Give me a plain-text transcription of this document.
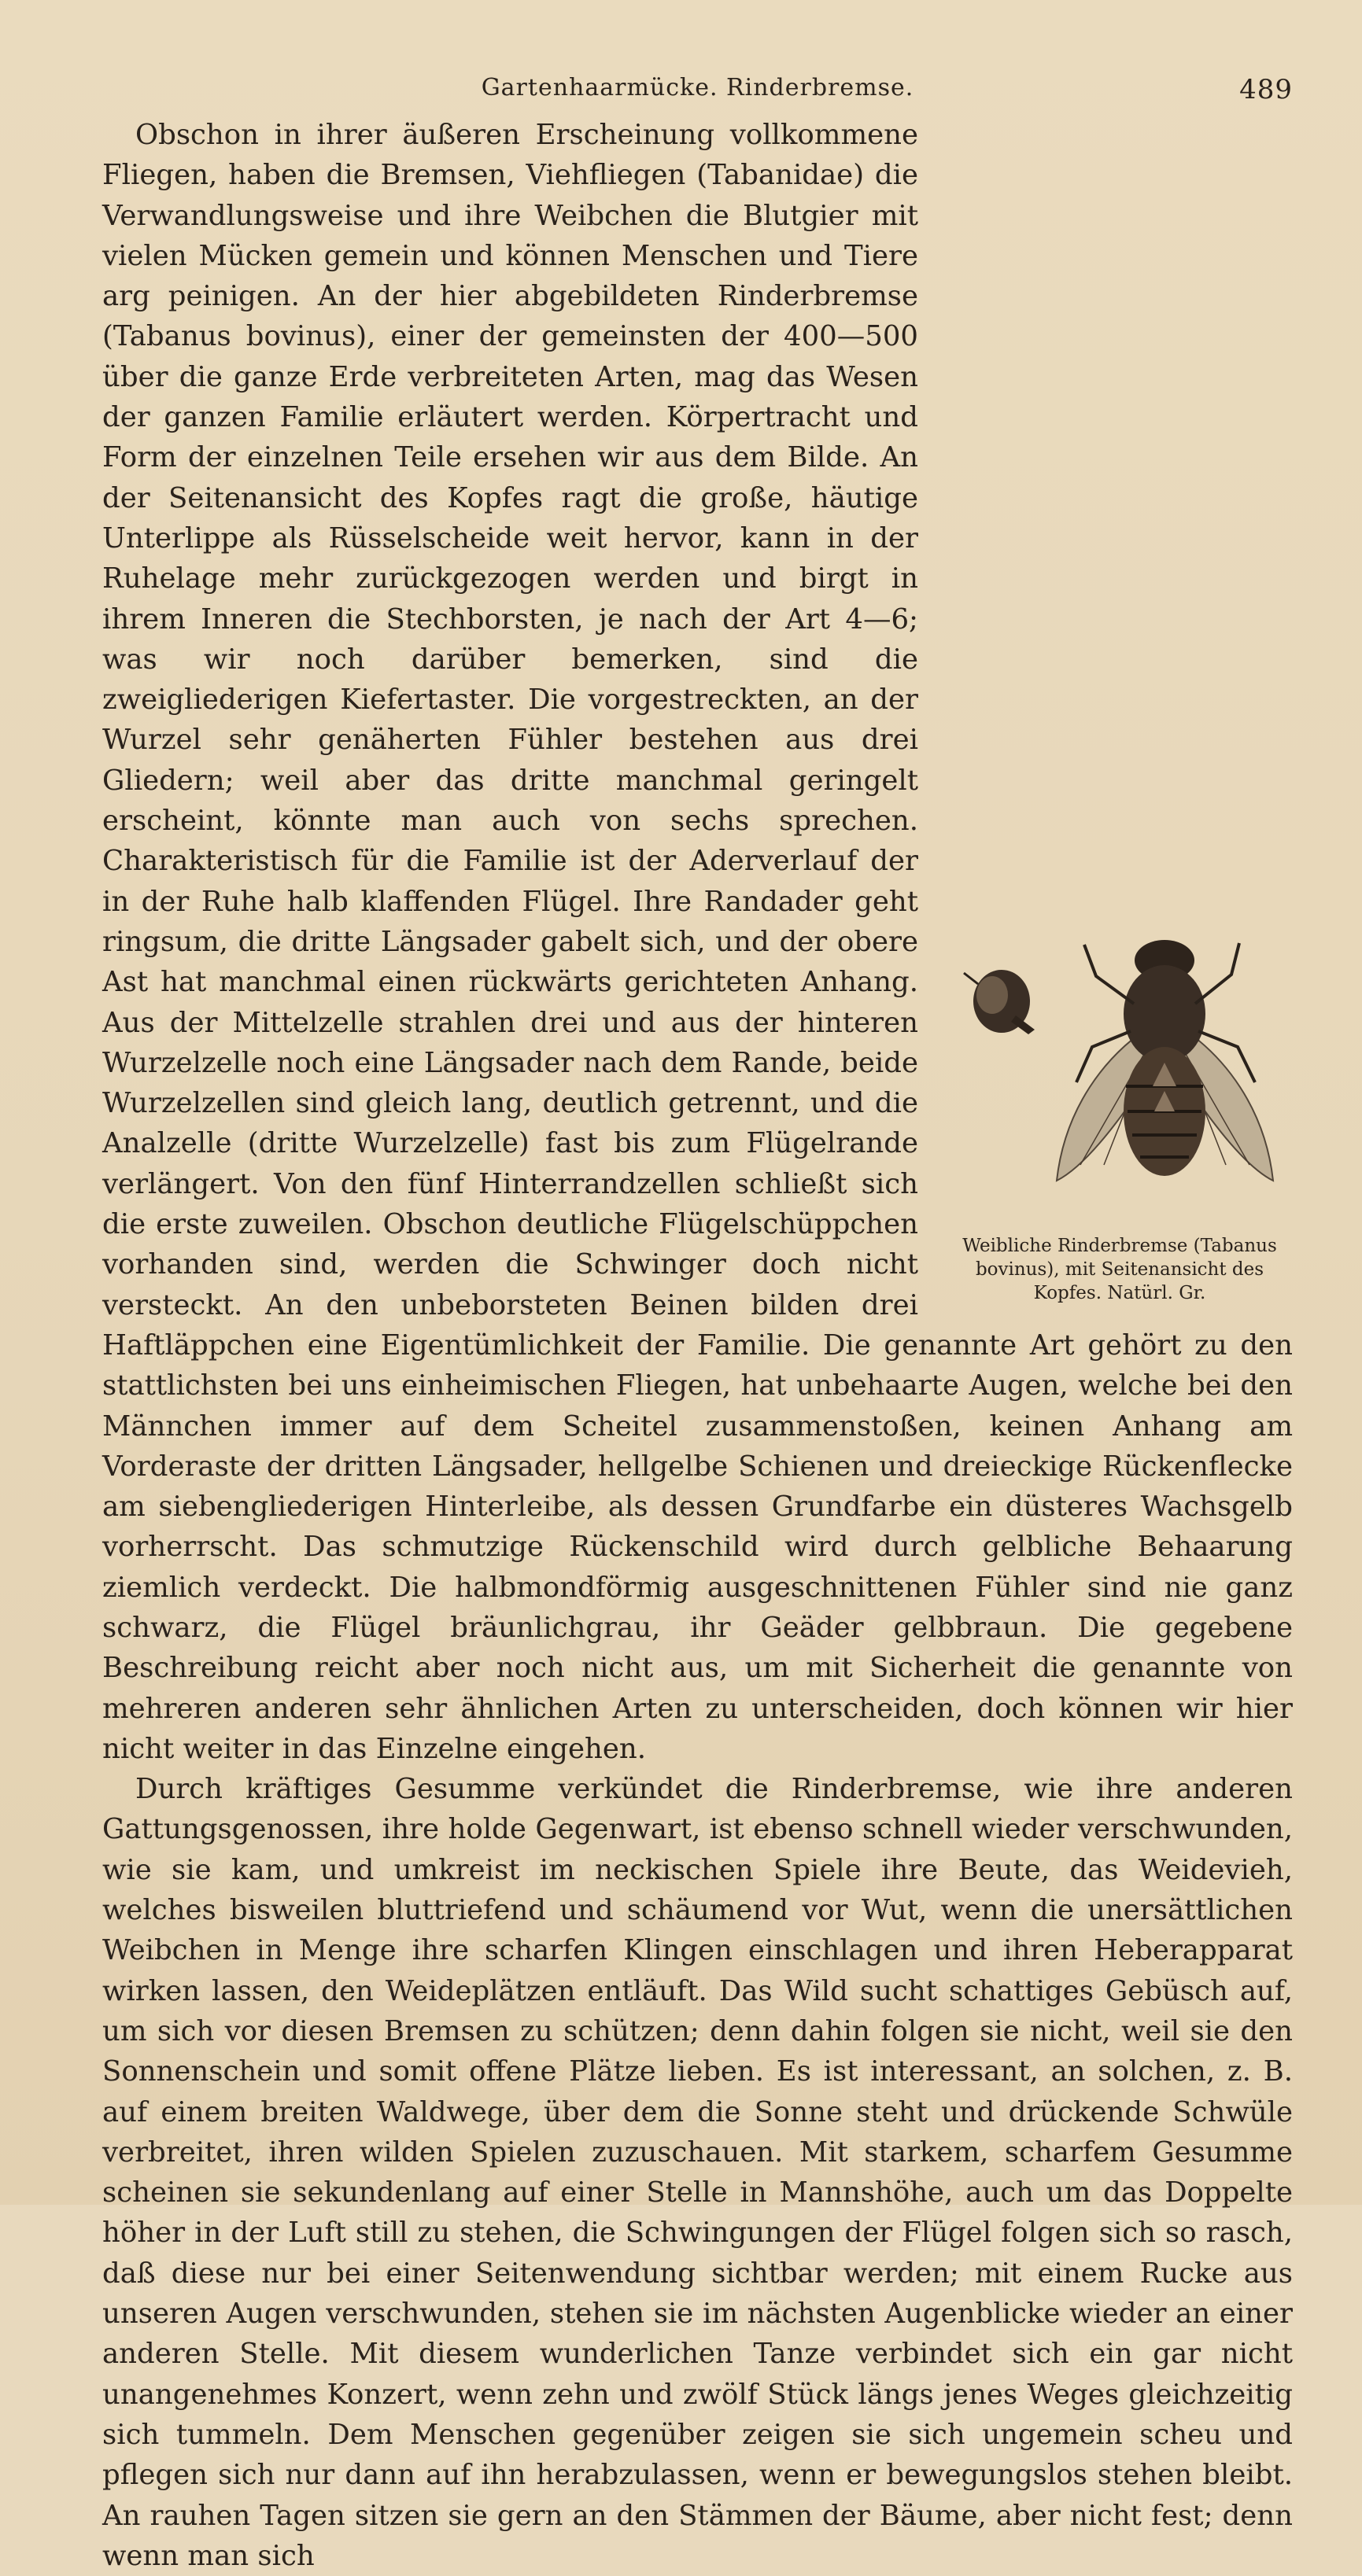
Gartenhaarmücke. Rinderbremse.	489
Weibliche Rinderbremse (Tabanus bovinus), mit Seitenansicht des Kopfes. Natürl. Gr.

Obschon in ihrer äußeren Erscheinung vollkommene Fliegen, haben die Bremsen, Viehfliegen (Tabanidae) die Verwandlungsweise und ihre Weibchen die Blutgier mit vielen Mücken gemein und können Menschen und Tiere arg peinigen. An der hier abgebildeten Rinderbremse (Tabanus bovinus), einer der gemeinsten der 400—500 über die ganze Erde verbreiteten Arten, mag das Wesen der ganzen Familie erläutert werden. Körpertracht und Form der einzelnen Teile ersehen wir aus dem Bilde. An der Seitenansicht des Kopfes ragt die große, häutige Unterlippe als Rüsselscheide weit hervor, kann in der Ruhelage mehr zurückgezogen werden und birgt in ihrem Inneren die Stechborsten, je nach der Art 4—6; was wir noch darüber bemerken, sind die zweigliederigen Kiefertaster. Die vorgestreckten, an der Wurzel sehr genäherten Fühler bestehen aus drei Gliedern; weil aber das dritte manchmal geringelt erscheint, könnte man auch von sechs sprechen. Charakteristisch für die Familie ist der Aderverlauf der in der Ruhe halb klaffenden Flügel. Ihre Randader geht ringsum, die dritte Längsader gabelt sich, und der obere Ast hat manchmal einen rückwärts gerichteten Anhang. Aus der Mittelzelle strahlen drei und aus der hinteren Wurzelzelle noch eine Längsader nach dem Rande, beide Wurzelzellen sind gleich lang, deutlich getrennt, und die Analzelle (dritte Wurzelzelle) fast bis zum Flügelrande verlängert. Von den fünf Hinterrandzellen schließt sich die erste zuweilen. Obschon deutliche Flügelschüppchen vorhanden sind, werden die Schwinger doch nicht versteckt. An den unbeborsteten Beinen bilden drei Haftläppchen eine Eigentümlichkeit der Familie. Die genannte Art gehört zu den stattlichsten bei uns einheimischen Fliegen, hat unbehaarte Augen, welche bei den Männchen immer auf dem Scheitel zusammenstoßen, keinen Anhang am Vorderaste der dritten Längsader, hellgelbe Schienen und dreieckige Rückenflecke am siebengliederigen Hinterleibe, als dessen Grundfarbe ein düsteres Wachsgelb vorherrscht. Das schmutzige Rückenschild wird durch gelbliche Behaarung ziemlich verdeckt. Die halbmondförmig ausgeschnittenen Fühler sind nie ganz schwarz, die Flügel bräunlichgrau, ihr Geäder gelbbraun. Die gegebene Beschreibung reicht aber noch nicht aus, um mit Sicherheit die genannte von mehreren anderen sehr ähnlichen Arten zu unterscheiden, doch können wir hier nicht weiter in das Einzelne eingehen.

Durch kräftiges Gesumme verkündet die Rinderbremse, wie ihre anderen Gattungsgenossen, ihre holde Gegenwart, ist ebenso schnell wieder verschwunden, wie sie kam, und umkreist im neckischen Spiele ihre Beute, das Weidevieh, welches bisweilen bluttriefend und schäumend vor Wut, wenn die unersättlichen Weibchen in Menge ihre scharfen Klingen einschlagen und ihren Heberapparat wirken lassen, den Weideplätzen entläuft. Das Wild sucht schattiges Gebüsch auf, um sich vor diesen Bremsen zu schützen; denn dahin folgen sie nicht, weil sie den Sonnenschein und somit offene Plätze lieben. Es ist interessant, an solchen, z. B. auf einem breiten Waldwege, über dem die Sonne steht und drückende Schwüle verbreitet, ihren wilden Spielen zuzuschauen. Mit starkem, scharfem Gesumme scheinen sie sekundenlang auf einer Stelle in Mannshöhe, auch um das Doppelte höher in der Luft still zu stehen, die Schwingungen der Flügel folgen sich so rasch, daß diese nur bei einer Seitenwendung sichtbar werden; mit einem Rucke aus unseren Augen verschwunden, stehen sie im nächsten Augenblicke wieder an einer anderen Stelle. Mit diesem wunderlichen Tanze verbindet sich ein gar nicht unangenehmes Konzert, wenn zehn und zwölf Stück längs jenes Weges gleichzeitig sich tummeln. Dem Menschen gegenüber zeigen sie sich ungemein scheu und pflegen sich nur dann auf ihn herabzulassen, wenn er bewegungslos stehen bleibt. An rauhen Tagen sitzen sie gern an den Stämmen der Bäume, aber nicht fest; denn wenn man sich
